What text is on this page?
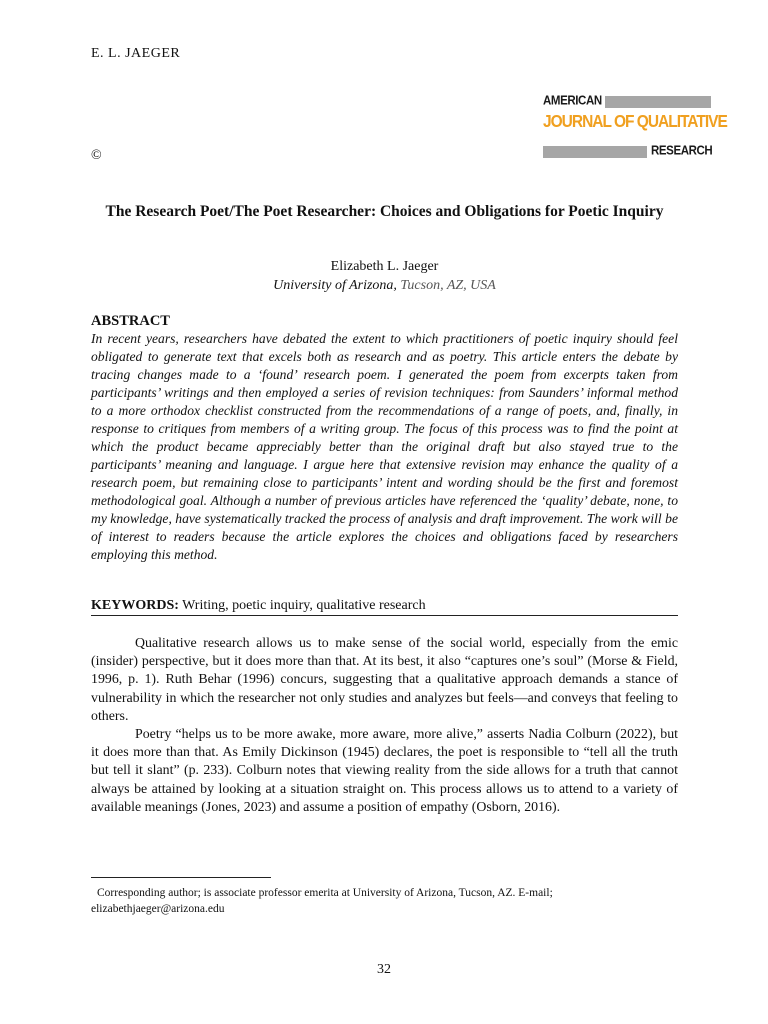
E. L. JAEGER
©
AMERICAN
JOURNAL OF QUALITATIVE
RESEARCH
The Research Poet/The Poet Researcher: Choices and Obligations for Poetic Inquiry
Elizabeth L. Jaeger
University of Arizona, Tucson, AZ, USA
ABSTRACT
In recent years, researchers have debated the extent to which practitioners of poetic inquiry should feel obligated to generate text that excels both as research and as poetry. This article enters the debate by tracing changes made to a ‘found’ research poem. I generated the poem from excerpts taken from participants’ writings and then employed a series of revision techniques: from Saunders’ informal method to a more orthodox checklist constructed from the recommendations of a range of poets, and, finally, in response to critiques from members of a writing group. The focus of this process was to find the point at which the product became appreciably better than the original draft but also stayed true to the participants’ meaning and language. I argue here that extensive revision may enhance the quality of a research poem, but remaining close to participants’ intent and wording should be the first and foremost methodological goal. Although a number of previous articles have referenced the ‘quality’ debate, none, to my knowledge, have systematically tracked the process of analysis and draft improvement. The work will be of interest to readers because the article explores the choices and obligations faced by researchers employing this method.
KEYWORDS: Writing, poetic inquiry, qualitative research

Qualitative research allows us to make sense of the social world, especially from the emic (insider) perspective, but it does more than that. At its best, it also “captures one’s soul” (Morse & Field, 1996, p. 1). Ruth Behar (1996) concurs, suggesting that a qualitative approach demands a stance of vulnerability in which the researcher not only studies and analyzes but feels—and conveys that feeling to others.

Poetry “helps us to be more awake, more aware, more alive,” asserts Nadia Colburn (2022), but it does more than that. As Emily Dickinson (1945) declares, the poet is responsible to “tell all the truth but tell it slant” (p. 233). Colburn notes that viewing reality from the side allows for a truth that cannot always be attained by looking at a situation straight on. This process allows us to attend to a variety of available meanings (Jones, 2023) and assume a position of empathy (Osborn, 2016).

Corresponding author; is associate professor emerita at University of Arizona, Tucson, AZ. E-mail;
elizabethjaeger@arizona.edu
32
